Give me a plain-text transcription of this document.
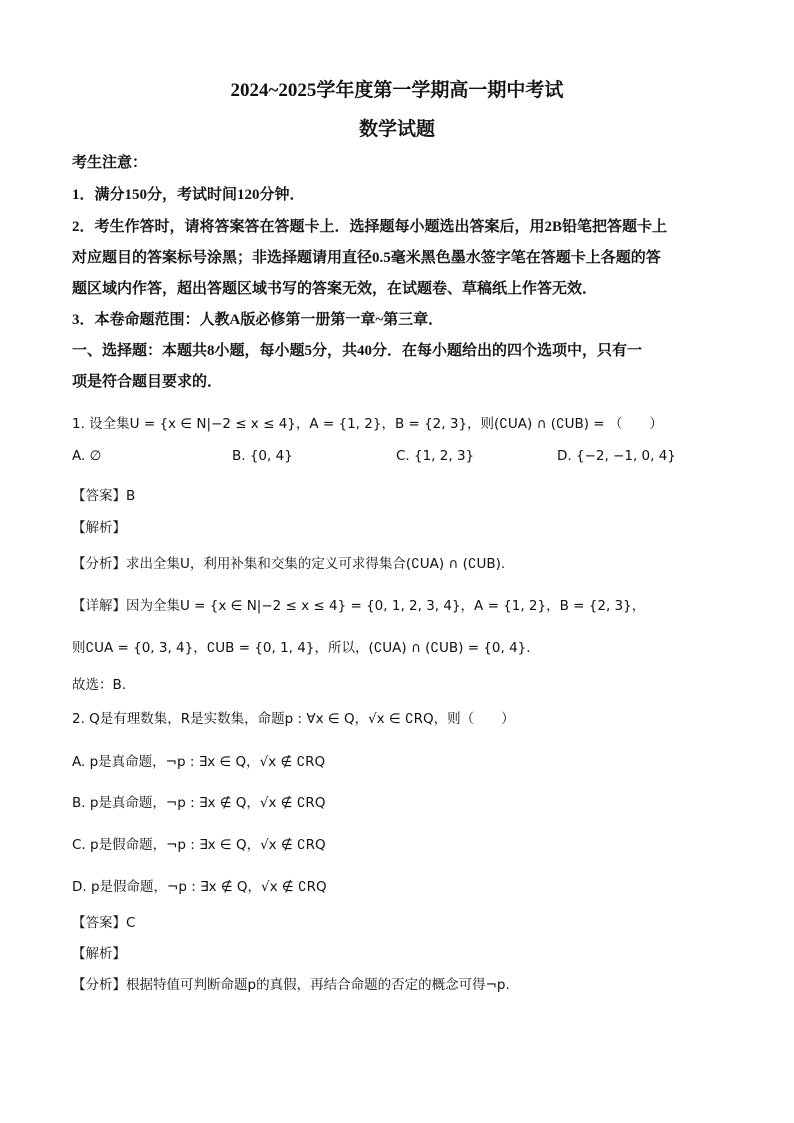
2024~2025学年度第一学期高一期中考试
数学试题
考生注意：
1．满分150分，考试时间120分钟．
2．考生作答时，请将答案答在答题卡上．选择题每小题选出答案后，用2B铅笔把答题卡上
对应题目的答案标号涂黑；非选择题请用直径0.5毫米黑色墨水签字笔在答题卡上各题的答
题区域内作答，超出答题区域书写的答案无效，在试题卷、草稿纸上作答无效．
3．本卷命题范围：人教A版必修第一册第一章~第三章．
一、选择题：本题共8小题，每小题5分，共40分．在每小题给出的四个选项中，只有一
项是符合题目要求的．
1. 设全集U = {x ∈ N|−2 ≤ x ≤ 4}，A = {1, 2}，B = {2, 3}，则(∁UA) ∩ (∁UB) = （　　）
A. ∅	B. {0, 4}	C. {1, 2, 3}	D. {−2, −1, 0, 4}
【答案】B
【解析】
【分析】求出全集U，利用补集和交集的定义可求得集合(∁UA) ∩ (∁UB).
【详解】因为全集U = {x ∈ N|−2 ≤ x ≤ 4} = {0, 1, 2, 3, 4}，A = {1, 2}，B = {2, 3}，
则∁UA = {0, 3, 4}，∁UB = {0, 1, 4}，所以，(∁UA) ∩ (∁UB) = {0, 4}.
故选：B.
2. Q是有理数集，R是实数集，命题p : ∀x ∈ Q，√x ∈ ∁RQ，则（　　）
A. p是真命题，¬p : ∃x ∈ Q，√x ∉ ∁RQ
B. p是真命题，¬p : ∃x ∉ Q，√x ∉ ∁RQ
C. p是假命题，¬p : ∃x ∈ Q，√x ∉ ∁RQ
D. p是假命题，¬p : ∃x ∉ Q，√x ∉ ∁RQ
【答案】C
【解析】
【分析】根据特值可判断命题p的真假，再结合命题的否定的概念可得¬p.
